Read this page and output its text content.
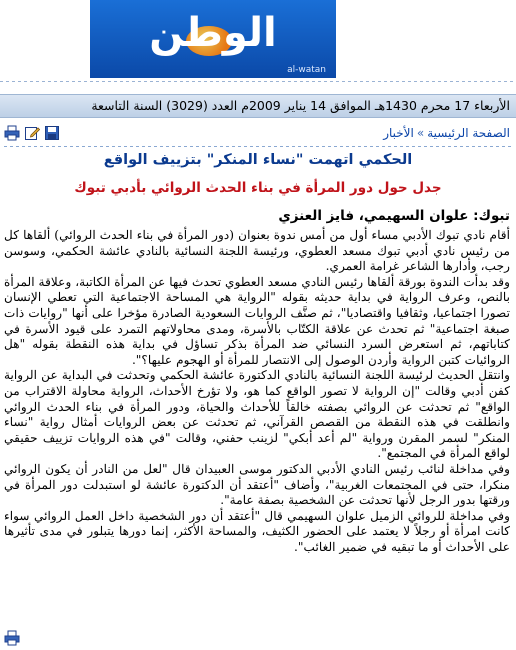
الوطن
al-watan
الأربعاء 17 محرم 1430هـ الموافق 14 يناير 2009م العدد (3029) السنة التاسعة
الصفحة الرئيسية»الأخبار
الحكمي اتهمت "نساء المنكر" بتزييف الواقع
جدل حول دور المرأة في بناء الحدث الروائي بأدبي تبوك
تبوك: علوان السهيمي، فايز العنزي

أقام نادي تبوك الأدبي مساء أول من أمس ندوة بعنوان (دور المرأة في بناء الحدث الروائي) ألقاها كل من رئيس نادي أدبي تبوك مسعد العطوي، ورئيسة اللجنة النسائية بالنادي عائشة الحكمي، وسوسن رجب، وأدارها الشاعر غرامة العمري.

وقد بدأت الندوة بورقة ألقاها رئيس النادي مسعد العطوي تحدث فيها عن المرأة الكاتبة، وعلاقة المرأة بالنص، وعرف الرواية في بداية حديثه بقوله "الرواية هي المساحة الاجتماعية التي تعطي الإنسان تصورا اجتماعيا، وثقافيا واقتصاديا"، ثم صنَّف الروايات السعودية الصادرة مؤخرا على أنها "روايات ذات صبغة اجتماعية" ثم تحدث عن علاقة الكتّاب بالأسرة، ومدى محاولاتهم التمرد على قيود الأسرة في كتاباتهم، ثم استعرض السرد النسائي ضد المرأة بذكر تساؤل في بداية هذه النقطة بقوله "هل الروائيات كتبن الرواية وأردن الوصول إلى الانتصار للمرأة أو الهجوم عليها؟".

وانتقل الحديث لرئيسة اللجنة النسائية بالنادي الدكتورة عائشة الحكمي وتحدثت في البداية عن الرواية كفن أدبي وقالت "إن الرواية لا تصور الواقع كما هو، ولا تؤرخ الأحداث، الرواية محاولة الاقتراب من الواقع" ثم تحدثت عن الروائي بصفته خالقاً للأحداث والحياة، ودور المرأة في بناء الحدث الروائي وانطلقت في هذه النقطة من القصص القرآني، ثم تحدثت عن بعض الروايات أمثال رواية "نساء المنكر" لسمر المقرن ورواية "لم أعد أبكي" لزينب حفني، وقالت "في هذه الروايات تزييف حقيقي لواقع المرأة في المجتمع".

وفي مداخلة لنائب رئيس النادي الأدبي الدكتور موسى العبيدان قال "لعل من النادر أن يكون الروائي منكرا، حتى في المجتمعات الغربية"، وأضاف "أعتقد أن الدكتورة عائشة لو استبدلت دور المرأة في ورقتها بدور الرجل لأنها تحدثت عن الشخصية بصفة عامة".

وفي مداخلة للروائي الزميل علوان السهيمي قال "أعتقد أن دور الشخصية داخل العمل الروائي سواء كانت امرأة أو رجلاً لا يعتمد على الحضور الكثيف، والمساحة الأكثر، إنما دورها يتبلور في مدى تأثيرها على الأحداث أو ما تبقيه في ضمير الغائب".
